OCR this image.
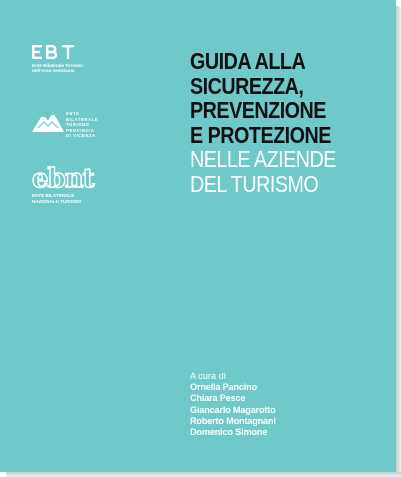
Ente Bilaterale Turismo
dell'Area veneziana
ENTE
BILATERALE
TURISMO
PROVINCIA
DI VICENZA
ebnt
ENTE BILATERALE
NAZIONALE TURISMO
GUIDA ALLA
SICUREZZA,
PREVENZIONE
E PROTEZIONE
NELLE AZIENDE
DEL TURISMO
A cura di
Ornella Pancino
Chiara Pesce
Giancarlo Magarotto
Roberto Montagnani
Domenico Simone
